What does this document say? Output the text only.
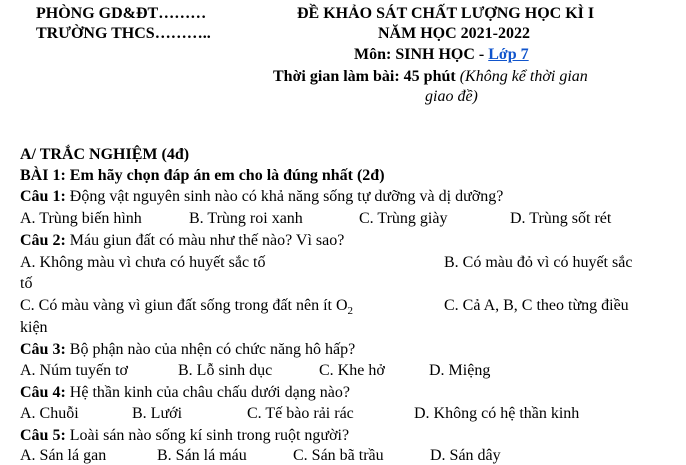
PHÒNG GD&ĐT………
TRƯỜNG THCS………..
ĐỀ KHẢO SÁT CHẤT LƯỢNG HỌC KÌ I
NĂM HỌC 2021-2022
Môn: SINH HỌC - Lớp 7
Thời gian làm bài: 45 phút (Không kể thời gian
giao đề)
A/ TRẮC NGHIỆM (4đ)
BÀI 1: Em hãy chọn đáp án em cho là đúng nhất (2đ)
Câu 1: Động vật nguyên sinh nào có khả năng sống tự dưỡng và dị dưỡng?
A. Trùng biến hình	B. Trùng roi xanh	C. Trùng giày	D. Trùng sốt rét
Câu 2: Máu giun đất có màu như thế nào? Vì sao?
A. Không màu vì chưa có huyết sắc tố	B. Có màu đỏ vì có huyết sắc
tố
C. Có màu vàng vì giun đất sống trong đất nên ít $O_2$	C. Cả A, B, C theo từng điều
kiện
Câu 3: Bộ phận nào của nhện có chức năng hô hấp?
A. Núm tuyến tơ	B. Lỗ sinh dục	C. Khe hở	D. Miệng
Câu 4: Hệ thần kinh của châu chấu dưới dạng nào?
A. Chuỗi	B. Lưới	C. Tế bào rải rác	D. Không có hệ thần kinh
Câu 5: Loài sán nào sống kí sinh trong ruột người?
A. Sán lá gan	B. Sán lá máu	C. Sán bã trầu	D. Sán dây
